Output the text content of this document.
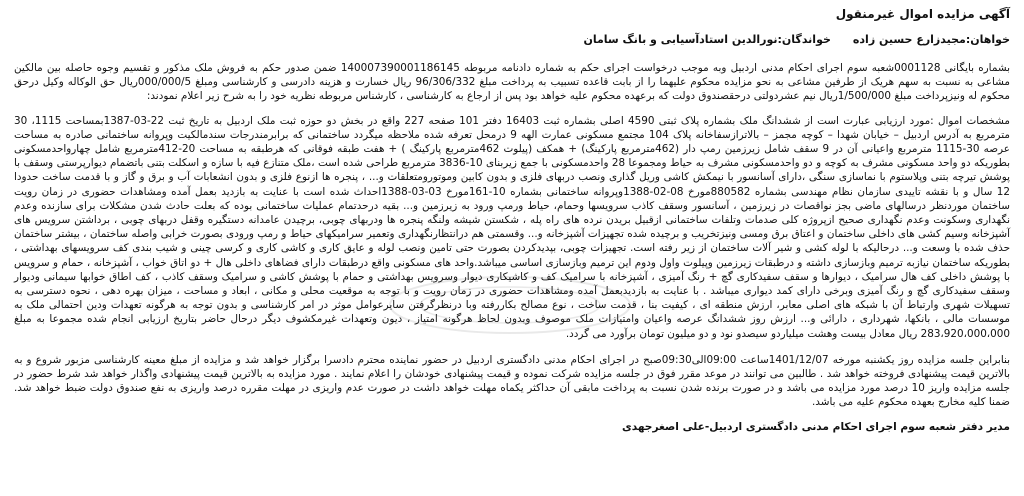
آگهی مزایده اموال غیرمنقول
خواهان:مجیدزارع حسین زادهخواندگان:نورالدین استادآسیابی و بانگ سامان

بشماره بایگانی 0001128شعبه سوم اجرای احکام مدنی اردبیل وبه موجب درخواست اجرای حکم به شماره دادنامه مربوطه 140007390001186145 ضمن صدور حکم به فروش ملک مذکور و تقسیم وجوه حاصله بین مالکین مشاعی به نسبت به سهم هریک از طرفین مشاعی به نحو مزایده محکوم علیهما را از بابت قاعده تسبیب به پرداخت مبلغ 96/306/332 ریال خسارت و هزینه دادرسی و کارشناسی ومبلغ 000/000/5ریال حق الوکاله وکیل درحق محکوم له ونیزپرداخت مبلغ 1/500/000ریال نیم عشردولتی درحقصندوق دولت که برعهده محکوم علیه خواهد بود پس از ارجاع به کارشناسی ، کارشناس مربوطه نظریه خود را به شرح زیر اعلام نمودند:

مشخصات اموال :مورد ارزیابی عبارت است از ششدانگ ملک بشماره پلاک ثبتی 4590 اصلی بشماره ثبت 16403 دفتر 101 صفحه 227 واقع در بخش دو حوزه ثبت ملک اردبیل به تاریخ ثبت 22-03-1387بمساحت 1115، 30 مترمربع به آدرس اردبیل – خیابان شهدا – کوچه مجمز – بالاترازسفاخانه پلاک 104 مجتمع مسکونی عمارت الهه 9 درمحل تعرفه شده ملاحظه میگردد ساختمانی که برابرمندرجات سندمالکیت وپروانه ساختمانی صادره به مساحت عرصه 30-1115 مترمربع واعیانی آن در 9 سقف شامل زیرزمین رمپ دار (462مترمربع پارکینگ) + همکف (پیلوت 462مترمربع پارکینگ ) + هفت طبقه فوقانی که هرطبقه به مساحت 20-412مترمربع شامل چهارواحدمسکونی بطوریکه دو واحد مسکونی مشرف به کوچه و دو واحدمسکونی مشرف به حیاط ومجموعا 28 واحدمسکونی با جمع زیربنای 10-3836 مترمربع طراحی شده است ،ملک متنازع فیه با سازه و اسکلت بتنی باتضمام دیوارپرستی وسقف با پوشش تیرچه بتنی وپلاستوم با نماسازی سنگی ،دارای آسانسور با نیمکش کاشی وریل گذاری ونصب دربهای فلزی و بدون کابین وموتورومتعلقات و... ، پنجره ها ازنوع فلزی و بدون انشعابات آب و برق و گاز و با قدمت ساخت حدودا 12 سال و با نقشه تاییدی سازمان نظام مهندسی بشماره 880582مورخ 08-02-1388وپروانه ساختمانی بشماره 10-161مورخ 03-03-1388احداث شده است با عنایت به بازدید بعمل آمده ومشاهدات حضوری در زمان رویت ساختمان موردنظر درسالهای ماضی بجز نواقصات در زیرزمین ، آسانسور وسقف کاذب سرویسها وحمام، حیاط ورمپ ورود به زیرزمین و... بقیه درحدتمام عملیات ساختمانی بوده که بعلت حادث شدن مشکلات برای سازنده وعدم نگهداری وسکونت وعدم نگهداری صحیح ازپروژه کلی صدمات وتلفات ساختمانی ازقبیل بریدن نرده های راه پله ، شکستن شیشه ولنگه پنجره ها ودربهای چوبی، برچیدن عامدانه دستگیره وقفل دربهای چوبی ، برداشتن سرویس های آشپزخانه وسیم کشی های داخلی ساختمان و اعتاق برق ومسی ونیزتخریب و برچیده شده تجهیزات آشپزخانه و... وقسمتی هم درانتظارنگهداری وتعمیر سرامیکهای حیاط و رمپ ورودی بصورت خرابی واصله ساختمان ، بیشتر ساختمان حذف شده با وسعت و... درحالیکه با لوله کشی و شیر آلات ساختمان از زیر رفته است. تجهیزات چوبی، بپدیدکردن بصورت حتی تامین ونصب لوله و عایق کاری و کاشی کاری و کرسی چینی و شیب بندی کف سرویسهای بهداشتی ، بطوریکه ساختمان نیازبه ترمیم وبازسازی داشته و درطبقات زیرزمین وپیلوت واول ودوم این ترمیم وبازسازی اساسی میباشد.واحد های مسکونی واقع درطبقات دارای فضاهای داخلی هال + دو اتاق خواب ، آشپزخانه ، حمام و سرویس با پوشش داخلی کف هال سرامیک ، دیوارها و سقف سفیدکاری گچ + رنگ آمیزی ، آشپزخانه با سرامیک کف و کاشیکاری دیوار وسرویس بهداشتی و حمام با پوشش کاشی و سرامیک وسقف کاذب ، کف اطاق خوابها سیمانی ودیوار وسقف سفیدکاری گچ و رنگ آمیزی وبرخی دارای کمد دیواری میباشد . با عنایت به بازدیدبعمل آمده ومشاهدات حضوری در زمان رویت و با توجه به موقعیت محلی و مکانی ، ابعاد و مساحت ، میزان بهره دهی ، نحوه دسترسی به تسهیلات شهری وارتباط آن با شبکه های اصلی معابر، ارزش منطقه ای ، کیفیت بنا ، قدمت ساخت ، نوع مصالح بکاررفته وبا درنظرگرفتن سایرعوامل موثر در امر کارشناسی و بدون توجه به هرگونه تعهدات ودین احتمالی ملک به موسسات مالی ، بانکها، شهرداری ، دارائی و... ارزش روز ششدانگ عرصه واعیان وامتیازات ملک موصوف وبدون لحاظ هرگونه امتیاز ، دیون وتعهدات غیرمکشوف دیگر درحال حاضر بتاریخ ارزیابی انجام شده مجموعا به مبلغ 283،920،000،000 ریال معادل بیست وهشت میلیاردو سیصدو نود و دو میلیون تومان برآورد می گردد.

بنابراین جلسه مزایده روز یکشنبه مورخه 1401/12/07ساعت 09:00الی09:30صبح در اجرای احکام مدنی دادگستری اردبیل در حضور نماینده محترم دادسرا برگزار خواهد شد و مزایده از مبلغ معینه کارشناسی مزبور شروع و به بالاترین قیمت پیشنهادی فروخته خواهد شد . طالبین می توانند در موعد مقرر فوق در جلسه مزایده شرکت نموده و قیمت پیشنهادی خودشان را اعلام نمایند . مورد مزایده به بالاترین قیمت پیشنهادی واگذار خواهد شد شرط حضور در جلسه مزایده واریز 10 درصد مورد مزایده می باشد و در صورت برنده شدن نسبت به پرداخت مابقی آن حداکثر یکماه مهلت خواهد داشت در صورت عدم واریزی در مهلت مقرره درصد واریزی به نفع صندوق دولت ضبط خواهد شد. ضمنا کلیه مخارج بعهده محکوم علیه می باشد.

مدیر دفتر شعبه سوم اجرای احکام مدنی دادگستری اردبیل-علی اصغرجهدی
